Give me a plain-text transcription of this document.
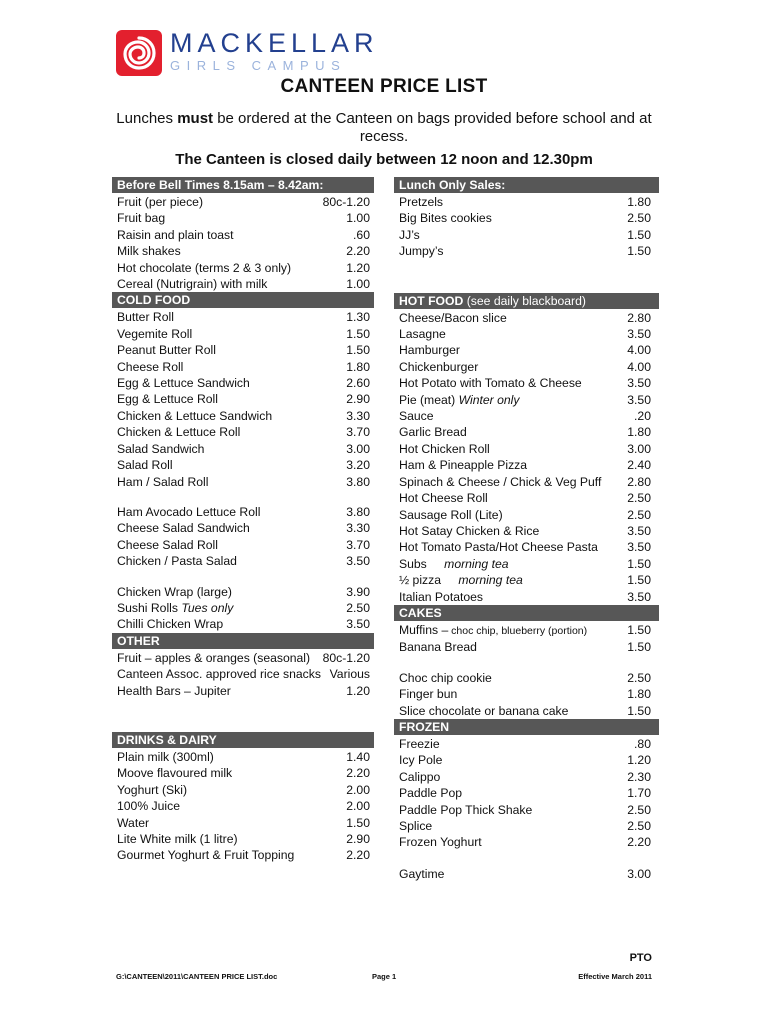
MACKELLAR
GIRLS CAMPUS
CANTEEN PRICE LIST
Lunches must be ordered at the Canteen on bags provided before school and at recess.
The Canteen is closed daily between 12 noon and 12.30pm
Before Bell Times 8.15am – 8.42am:
Fruit (per piece)	80c-1.20
Fruit bag	1.00
Raisin and plain toast	.60
Milk shakes	2.20
Hot chocolate (terms 2 & 3 only)	1.20
Cereal (Nutrigrain) with milk	1.00
COLD FOOD
Butter Roll	1.30
Vegemite Roll	1.50
Peanut Butter Roll	1.50
Cheese Roll	1.80
Egg & Lettuce Sandwich	2.60
Egg & Lettuce Roll	2.90
Chicken & Lettuce Sandwich	3.30
Chicken & Lettuce Roll	3.70
Salad Sandwich	3.00
Salad Roll	3.20
Ham / Salad Roll	3.80
Ham Avocado Lettuce Roll	3.80
Cheese Salad Sandwich	3.30
Cheese Salad Roll	3.70
Chicken / Pasta Salad	3.50
Chicken Wrap (large)	3.90
Sushi Rolls Tues only	2.50
Chilli Chicken Wrap	3.50
OTHER
Fruit – apples & oranges (seasonal)	80c-1.20
Canteen Assoc. approved rice snacks Various
Health Bars – Jupiter	1.20
DRINKS & DAIRY
Plain milk (300ml)	1.40
Moove flavoured milk	2.20
Yoghurt (Ski)	2.00
100% Juice	2.00
Water	1.50
Lite White milk (1 litre)	2.90
Gourmet Yoghurt & Fruit Topping	2.20
Lunch Only Sales:
Pretzels	1.80
Big Bites cookies	2.50
JJ’s	1.50
Jumpy’s	1.50
HOT FOOD (see daily blackboard)
Cheese/Bacon slice	2.80
Lasagne	3.50
Hamburger	4.00
Chickenburger	4.00
Hot Potato with Tomato & Cheese	3.50
Pie (meat) Winter only	3.50
Sauce	.20
Garlic Bread	1.80
Hot Chicken Roll	3.00
Ham & Pineapple Pizza	2.40
Spinach & Cheese / Chick & Veg Puff	2.80
Hot Cheese Roll	2.50
Sausage Roll (Lite)	2.50
Hot Satay Chicken & Rice	3.50
Hot Tomato Pasta/Hot Cheese Pasta	3.50
Subs morning tea	1.50
½ pizza morning tea	1.50
Italian Potatoes	3.50
CAKES
Muffins – choc chip, blueberry (portion)	1.50
Banana Bread	1.50
Choc chip cookie	2.50
Finger bun	1.80
Slice chocolate or banana cake	1.50
FROZEN
Freezie	.80
Icy Pole	1.20
Calippo	2.30
Paddle Pop	1.70
Paddle Pop Thick Shake	2.50
Splice	2.50
Frozen Yoghurt	2.20
Gaytime	3.00
PTO
G:\CANTEEN\2011\CANTEEN PRICE LIST.doc	Page 1	Effective March 2011
